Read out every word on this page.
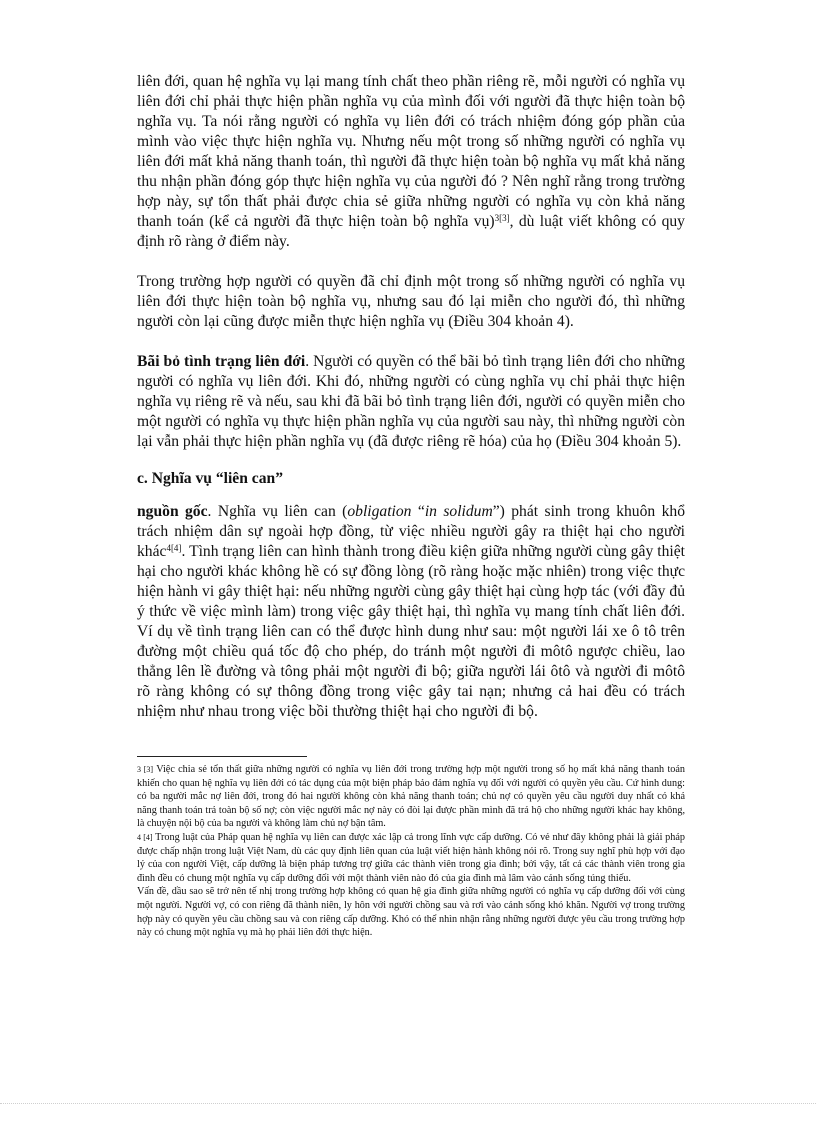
liên đới, quan hệ nghĩa vụ lại mang tính chất theo phần riêng rẽ, mỗi người có nghĩa vụ liên đới chỉ phải thực hiện phần nghĩa vụ của mình đối với người đã thực hiện toàn bộ nghĩa vụ. Ta nói rằng người có nghĩa vụ liên đới có trách nhiệm đóng góp phần của mình vào việc thực hiện nghĩa vụ. Nhưng nếu một trong số những người có nghĩa vụ liên đới mất khả năng thanh toán, thì người đã thực hiện toàn bộ nghĩa vụ mất khả năng thu nhận phần đóng góp thực hiện nghĩa vụ của người đó ? Nên nghĩ rằng trong trường hợp này, sự tổn thất phải được chia sẻ giữa những người có nghĩa vụ còn khả năng thanh toán (kể cả người đã thực hiện toàn bộ nghĩa vụ)$^{3[3]}$, dù luật viết không có quy định rõ ràng ở điểm này.

Trong trường hợp người có quyền đã chỉ định một trong số những người có nghĩa vụ liên đới thực hiện toàn bộ nghĩa vụ, nhưng sau đó lại miễn cho người đó, thì những người còn lại cũng được miễn thực hiện nghĩa vụ (Điều 304 khoản 4).

Bãi bỏ tình trạng liên đới. Người có quyền có thể bãi bỏ tình trạng liên đới cho những người có nghĩa vụ liên đới. Khi đó, những người có cùng nghĩa vụ chỉ phải thực hiện nghĩa vụ riêng rẽ và nếu, sau khi đã bãi bỏ tình trạng liên đới, người có quyền miễn cho một người có nghĩa vụ thực hiện phần nghĩa vụ của người sau này, thì những người còn lại vẫn phải thực hiện phần nghĩa vụ (đã được riêng rẽ hóa) của họ (Điều 304 khoản 5).

c. Nghĩa vụ “liên can”

nguồn gốc. Nghĩa vụ liên can (obligation “in solidum”) phát sinh trong khuôn khổ trách nhiệm dân sự ngoài hợp đồng, từ việc nhiều người gây ra thiệt hại cho người khác$^{4[4]}$. Tình trạng liên can hình thành trong điều kiện giữa những người cùng gây thiệt hại cho người khác không hề có sự đồng lòng (rõ ràng hoặc mặc nhiên) trong việc thực hiện hành vi gây thiệt hại: nếu những người cùng gây thiệt hại cùng hợp tác (với đầy đủ ý thức về việc mình làm) trong việc gây thiệt hại, thì nghĩa vụ mang tính chất liên đới. Ví dụ về tình trạng liên can có thể được hình dung như sau: một người lái xe ô tô trên đường một chiều quá tốc độ cho phép, do tránh một người đi môtô ngược chiều, lao thẳng lên lề đường và tông phải một người đi bộ; giữa người lái ôtô và người đi môtô rõ ràng không có sự thông đồng trong việc gây tai nạn; nhưng cả hai đều có trách nhiệm như nhau trong việc bồi thường thiệt hại cho người đi bộ.

3 [3] Việc chia sẻ tổn thất giữa những người có nghĩa vụ liên đới trong trường hợp một người trong số họ mất khả năng thanh toán khiến cho quan hệ nghĩa vụ liên đới có tác dụng của một biện pháp bảo đảm nghĩa vụ đối với người có quyền yêu cầu. Cứ hình dung: có ba người mắc nợ liên đới, trong đó hai người không còn khả năng thanh toán; chủ nợ có quyền yêu cầu người duy nhất có khả năng thanh toán trả toàn bộ số nợ; còn việc người mắc nợ này có đòi lại được phần mình đã trả hộ cho những người khác hay không, là chuyện nội bộ của ba người và không làm chủ nợ bận tâm.

4 [4] Trong luật của Pháp quan hệ nghĩa vụ liên can được xác lập cả trong lĩnh vực cấp dưỡng. Có vẻ như đây không phải là giải pháp được chấp nhận trong luật Việt Nam, dù các quy định liên quan của luật viết hiện hành không nói rõ. Trong suy nghĩ phù hợp với đạo lý của con người Việt, cấp dưỡng là biện pháp tương trợ giữa các thành viên trong gia đình; bởi vậy, tất cả các thành viên trong gia đình đều có chung một nghĩa vụ cấp dưỡng đối với một thành viên nào đó của gia đình mà lâm vào cảnh sống túng thiếu.

Vấn đề, dầu sao sẽ trở nên tế nhị trong trường hợp không có quan hệ gia đình giữa những người có nghĩa vụ cấp dưỡng đối với cùng một người. Người vợ, có con riêng đã thành niên, ly hôn với người chồng sau và rơi vào cảnh sống khó khăn. Người vợ trong trường hợp này có quyền yêu cầu chồng sau và con riêng cấp dưỡng. Khó có thể nhìn nhận rằng những người được yêu cầu trong trường hợp này có chung một nghĩa vụ mà họ phải liên đới thực hiện.
